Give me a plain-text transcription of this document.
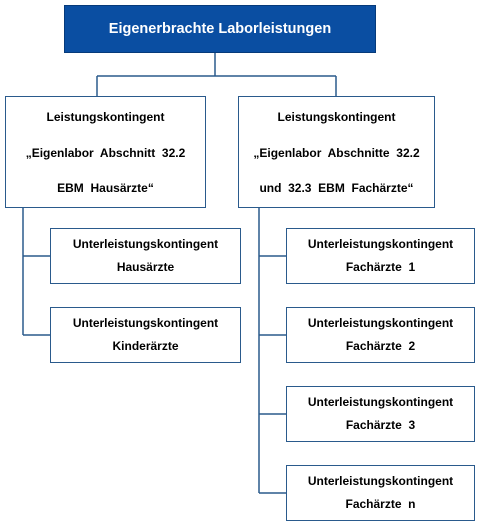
Eigenerbrachte Laborleistungen
Leistungskontingent
„Eigenlabor  Abschnitt  32.2
EBM  Hausärzte“
Leistungskontingent
„Eigenlabor  Abschnitte  32.2
und  32.3  EBM  Fachärzte“
Unterleistungskontingent
Hausärzte
Unterleistungskontingent
Kinderärzte
Unterleistungskontingent
Fachärzte  1
Unterleistungskontingent
Fachärzte  2
Unterleistungskontingent
Fachärzte  3
Unterleistungskontingent
Fachärzte  n
